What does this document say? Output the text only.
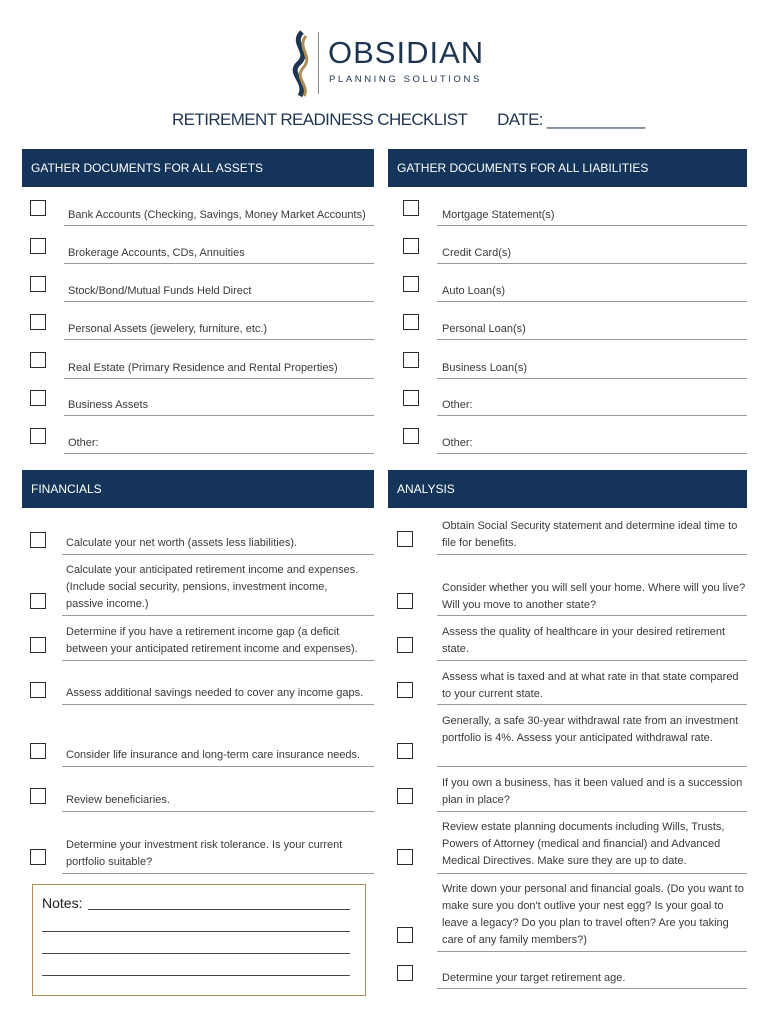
OBSIDIAN
PLANNING SOLUTIONS
RETIREMENT READINESS CHECKLIST DATE: ___________
GATHER DOCUMENTS FOR ALL ASSETS	GATHER DOCUMENTS FOR ALL LIABILITIES
FINANCIALS	ANALYSIS
Bank Accounts (Checking, Savings, Money Market Accounts)
Brokerage Accounts, CDs, Annuities
Stock/Bond/Mutual Funds Held Direct
Personal Assets (jewelery, furniture, etc.)
Real Estate (Primary Residence and Rental Properties)
Business Assets
Other:
Mortgage Statement(s)
Credit Card(s)
Auto Loan(s)
Personal Loan(s)
Business Loan(s)
Other:
Other:
Calculate your net worth (assets less liabilities).
Calculate your anticipated retirement income and expenses. (Include social security, pensions, investment income, passive income.)
Determine if you have a retirement income gap (a deficit between your anticipated retirement income and expenses).
Assess additional savings needed to cover any income gaps.
Consider life insurance and long-term care insurance needs.
Review beneficiaries.
Determine your investment risk tolerance. Is your current portfolio suitable?
Obtain Social Security statement and determine ideal time to file for benefits.
Consider whether you will sell your home. Where will you live? Will you move to another state?
Assess the quality of healthcare in your desired retirement state.
Assess what is taxed and at what rate in that state compared to your current state.
Generally, a safe 30-year withdrawal rate from an investment portfolio is 4%. Assess your anticipated withdrawal rate.
If you own a business, has it been valued and is a succession plan in place?
Review estate planning documents including Wills, Trusts, Powers of Attorney (medical and financial) and Advanced Medical Directives. Make sure they are up to date.
Write down your personal and financial goals. (Do you want to make sure you don't outlive your nest egg? Is your goal to leave a legacy? Do you plan to travel often? Are you taking care of any family members?)
Determine your target retirement age.
Notes:
